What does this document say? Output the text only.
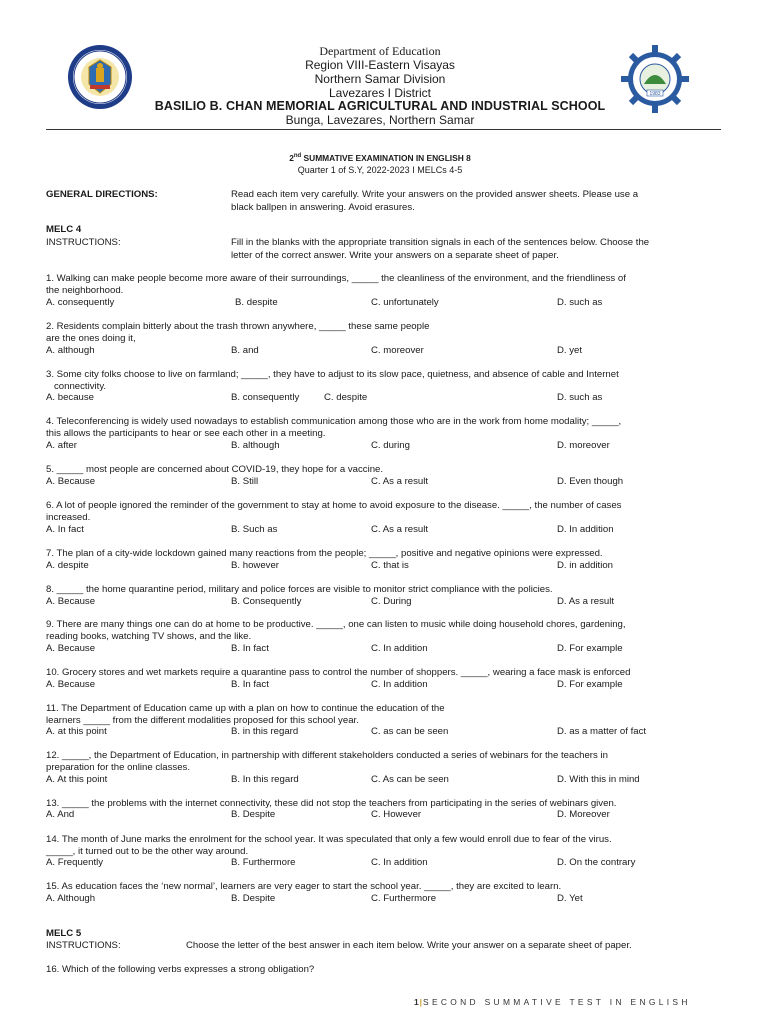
1983
Department of Education
Region VIII-Eastern Visayas
Northern Samar Division
Lavezares I District
BASILIO B. CHAN MEMORIAL AGRICULTURAL AND INDUSTRIAL SCHOOL
Bunga, Lavezares, Northern Samar
2nd SUMMATIVE EXAMINATION IN ENGLISH 8
Quarter 1 of S.Y, 2022-2023 I MELCs 4-5
GENERAL DIRECTIONS:	Read each item very carefully. Write your answers on the provided answer sheets. Please use a
black ballpen in answering. Avoid erasures.
MELC 4
INSTRUCTIONS:	Fill in the blanks with the appropriate transition signals in each of the sentences below. Choose the
letter of the correct answer. Write your answers on a separate sheet of paper.
1. Walking can make people become more aware of their surroundings, _____ the cleanliness of the environment, and the friendliness of
the neighborhood.
A. consequently	B. despite	C. unfortunately	D. such as
2. Residents complain bitterly about the trash thrown anywhere, _____ these same people
are the ones doing it,
A. although	B. and	C. moreover	D. yet
3. Some city folks choose to live on farmland; _____, they have to adjust to its slow pace, quietness, and absence of cable and Internet
connectivity.
A. because	B. consequently	C. despite	D. such as
4. Teleconferencing is widely used nowadays to establish communication among those who are in the work from home modality; _____,
this allows the participants to hear or see each other in a meeting.
A. after	B. although	C. during	D. moreover
5. _____ most people are concerned about COVID-19, they hope for a vaccine.
A. Because	B. Still	C. As a result	D. Even though
6. A lot of people ignored the reminder of the government to stay at home to avoid exposure to the disease. _____, the number of cases
increased.
A. In fact	B. Such as	C. As a result	D. In addition
7. The plan of a city-wide lockdown gained many reactions from the people; _____, positive and negative opinions were expressed.
A. despite	B. however	C. that is	D. in addition
8. _____ the home quarantine period, military and police forces are visible to monitor strict compliance with the policies.
A. Because	B. Consequently	C. During	D. As a result
9. There are many things one can do at home to be productive. _____, one can listen to music while doing household chores, gardening,
reading books, watching TV shows, and the like.
A. Because	B. In fact	C. In addition	D. For example
10. Grocery stores and wet markets require a quarantine pass to control the number of shoppers. _____, wearing a face mask is enforced
A. Because	B. In fact	C. In addition	D. For example
11. The Department of Education came up with a plan on how to continue the education of the
learners _____ from the different modalities proposed for this school year.
A. at this point	B. in this regard	C. as can be seen	D. as a matter of fact
12. _____, the Department of Education, in partnership with different stakeholders conducted a series of webinars for the teachers in
preparation for the online classes.
A. At this point	B. In this regard	C. As can be seen	D. With this in mind
13. _____ the problems with the internet connectivity, these did not stop the teachers from participating in the series of webinars given.
A. And	B. Despite	C. However	D. Moreover
14. The month of June marks the enrolment for the school year. It was speculated that only a few would enroll due to fear of the virus.
_____, it turned out to be the other way around.
A. Frequently	B. Furthermore	C. In addition	D. On the contrary
15. As education faces the ‘new normal’, learners are very eager to start the school year. _____, they are excited to learn.
A. Although	B. Despite	C. Furthermore	D. Yet
MELC 5
INSTRUCTIONS:	Choose the letter of the best answer in each item below. Write your answer on a separate sheet of paper.
16. Which of the following verbs expresses a strong obligation?
1|SECOND SUMMATIVE TEST IN ENGLISH
